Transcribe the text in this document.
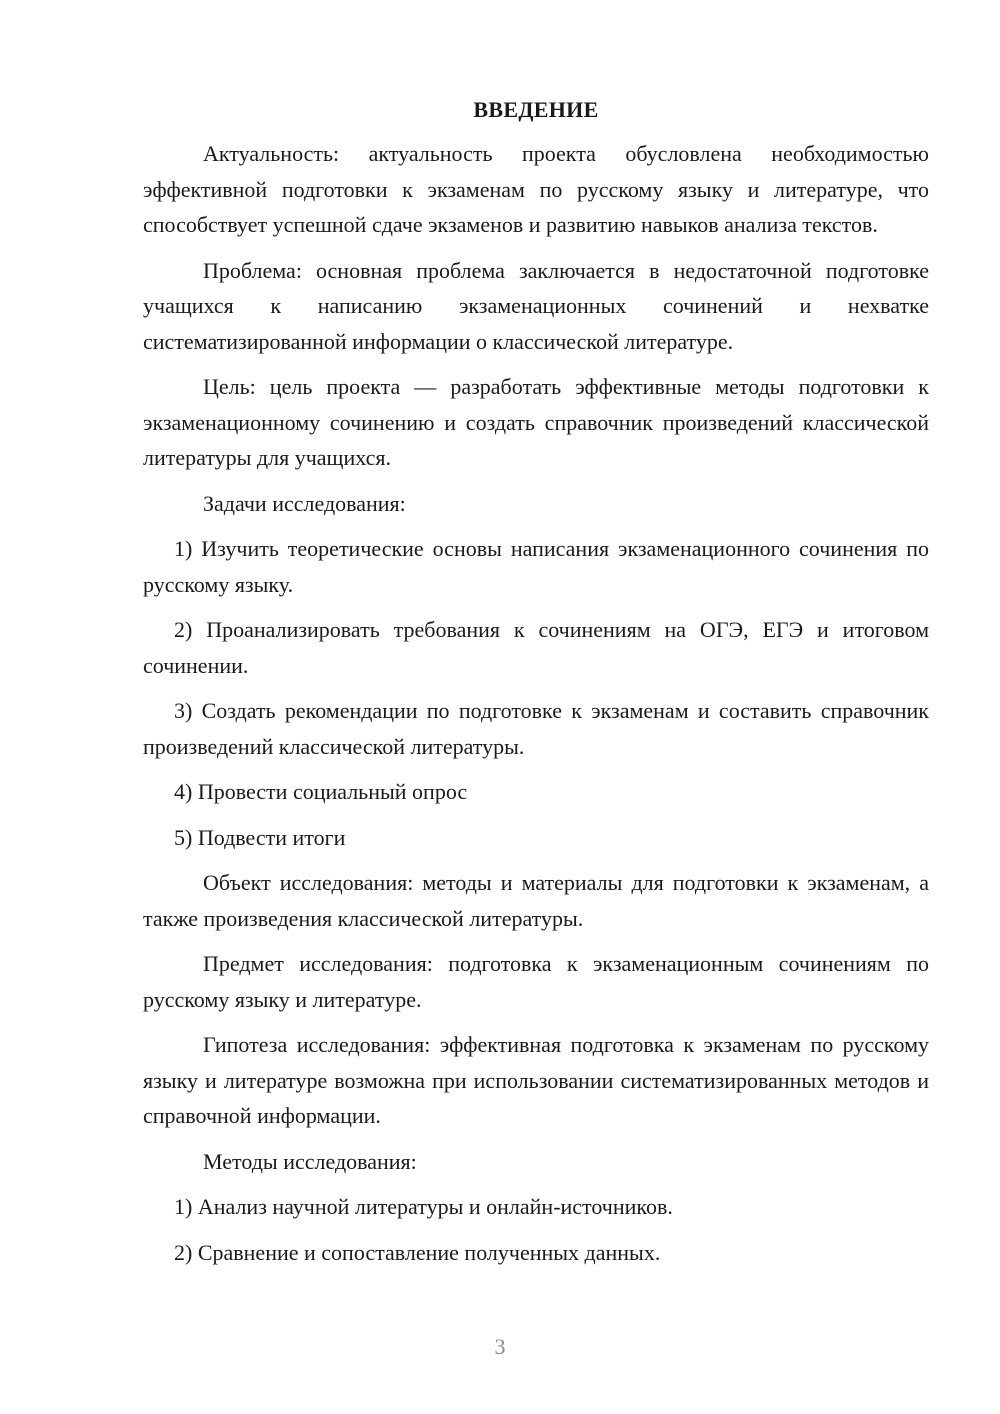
ВВЕДЕНИЕ

Актуальность: актуальность проекта обусловлена необходимостью эффективной подготовки к экзаменам по русскому языку и литературе, что способствует успешной сдаче экзаменов и развитию навыков анализа текстов.

Проблема: основная проблема заключается в недостаточной подготовке учащихся к написанию экзаменационных сочинений и нехватке систематизированной информации о классической литературе.

Цель: цель проекта — разработать эффективные методы подготовки к экзаменационному сочинению и создать справочник произведений классической литературы для учащихся.

Задачи исследования:

1) Изучить теоретические основы написания экзаменационного сочинения по русскому языку.

2) Проанализировать требования к сочинениям на ОГЭ, ЕГЭ и итоговом сочинении.

3) Создать рекомендации по подготовке к экзаменам и составить справочник произведений классической литературы.

4) Провести социальный опрос

5) Подвести итоги

Объект исследования: методы и материалы для подготовки к экзаменам, а также произведения классической литературы.

Предмет исследования: подготовка к экзаменационным сочинениям по русскому языку и литературе.

Гипотеза исследования: эффективная подготовка к экзаменам по русскому языку и литературе возможна при использовании систематизированных методов и справочной информации.

Методы исследования:

1) Анализ научной литературы и онлайн-источников.

2) Сравнение и сопоставление полученных данных.

3
